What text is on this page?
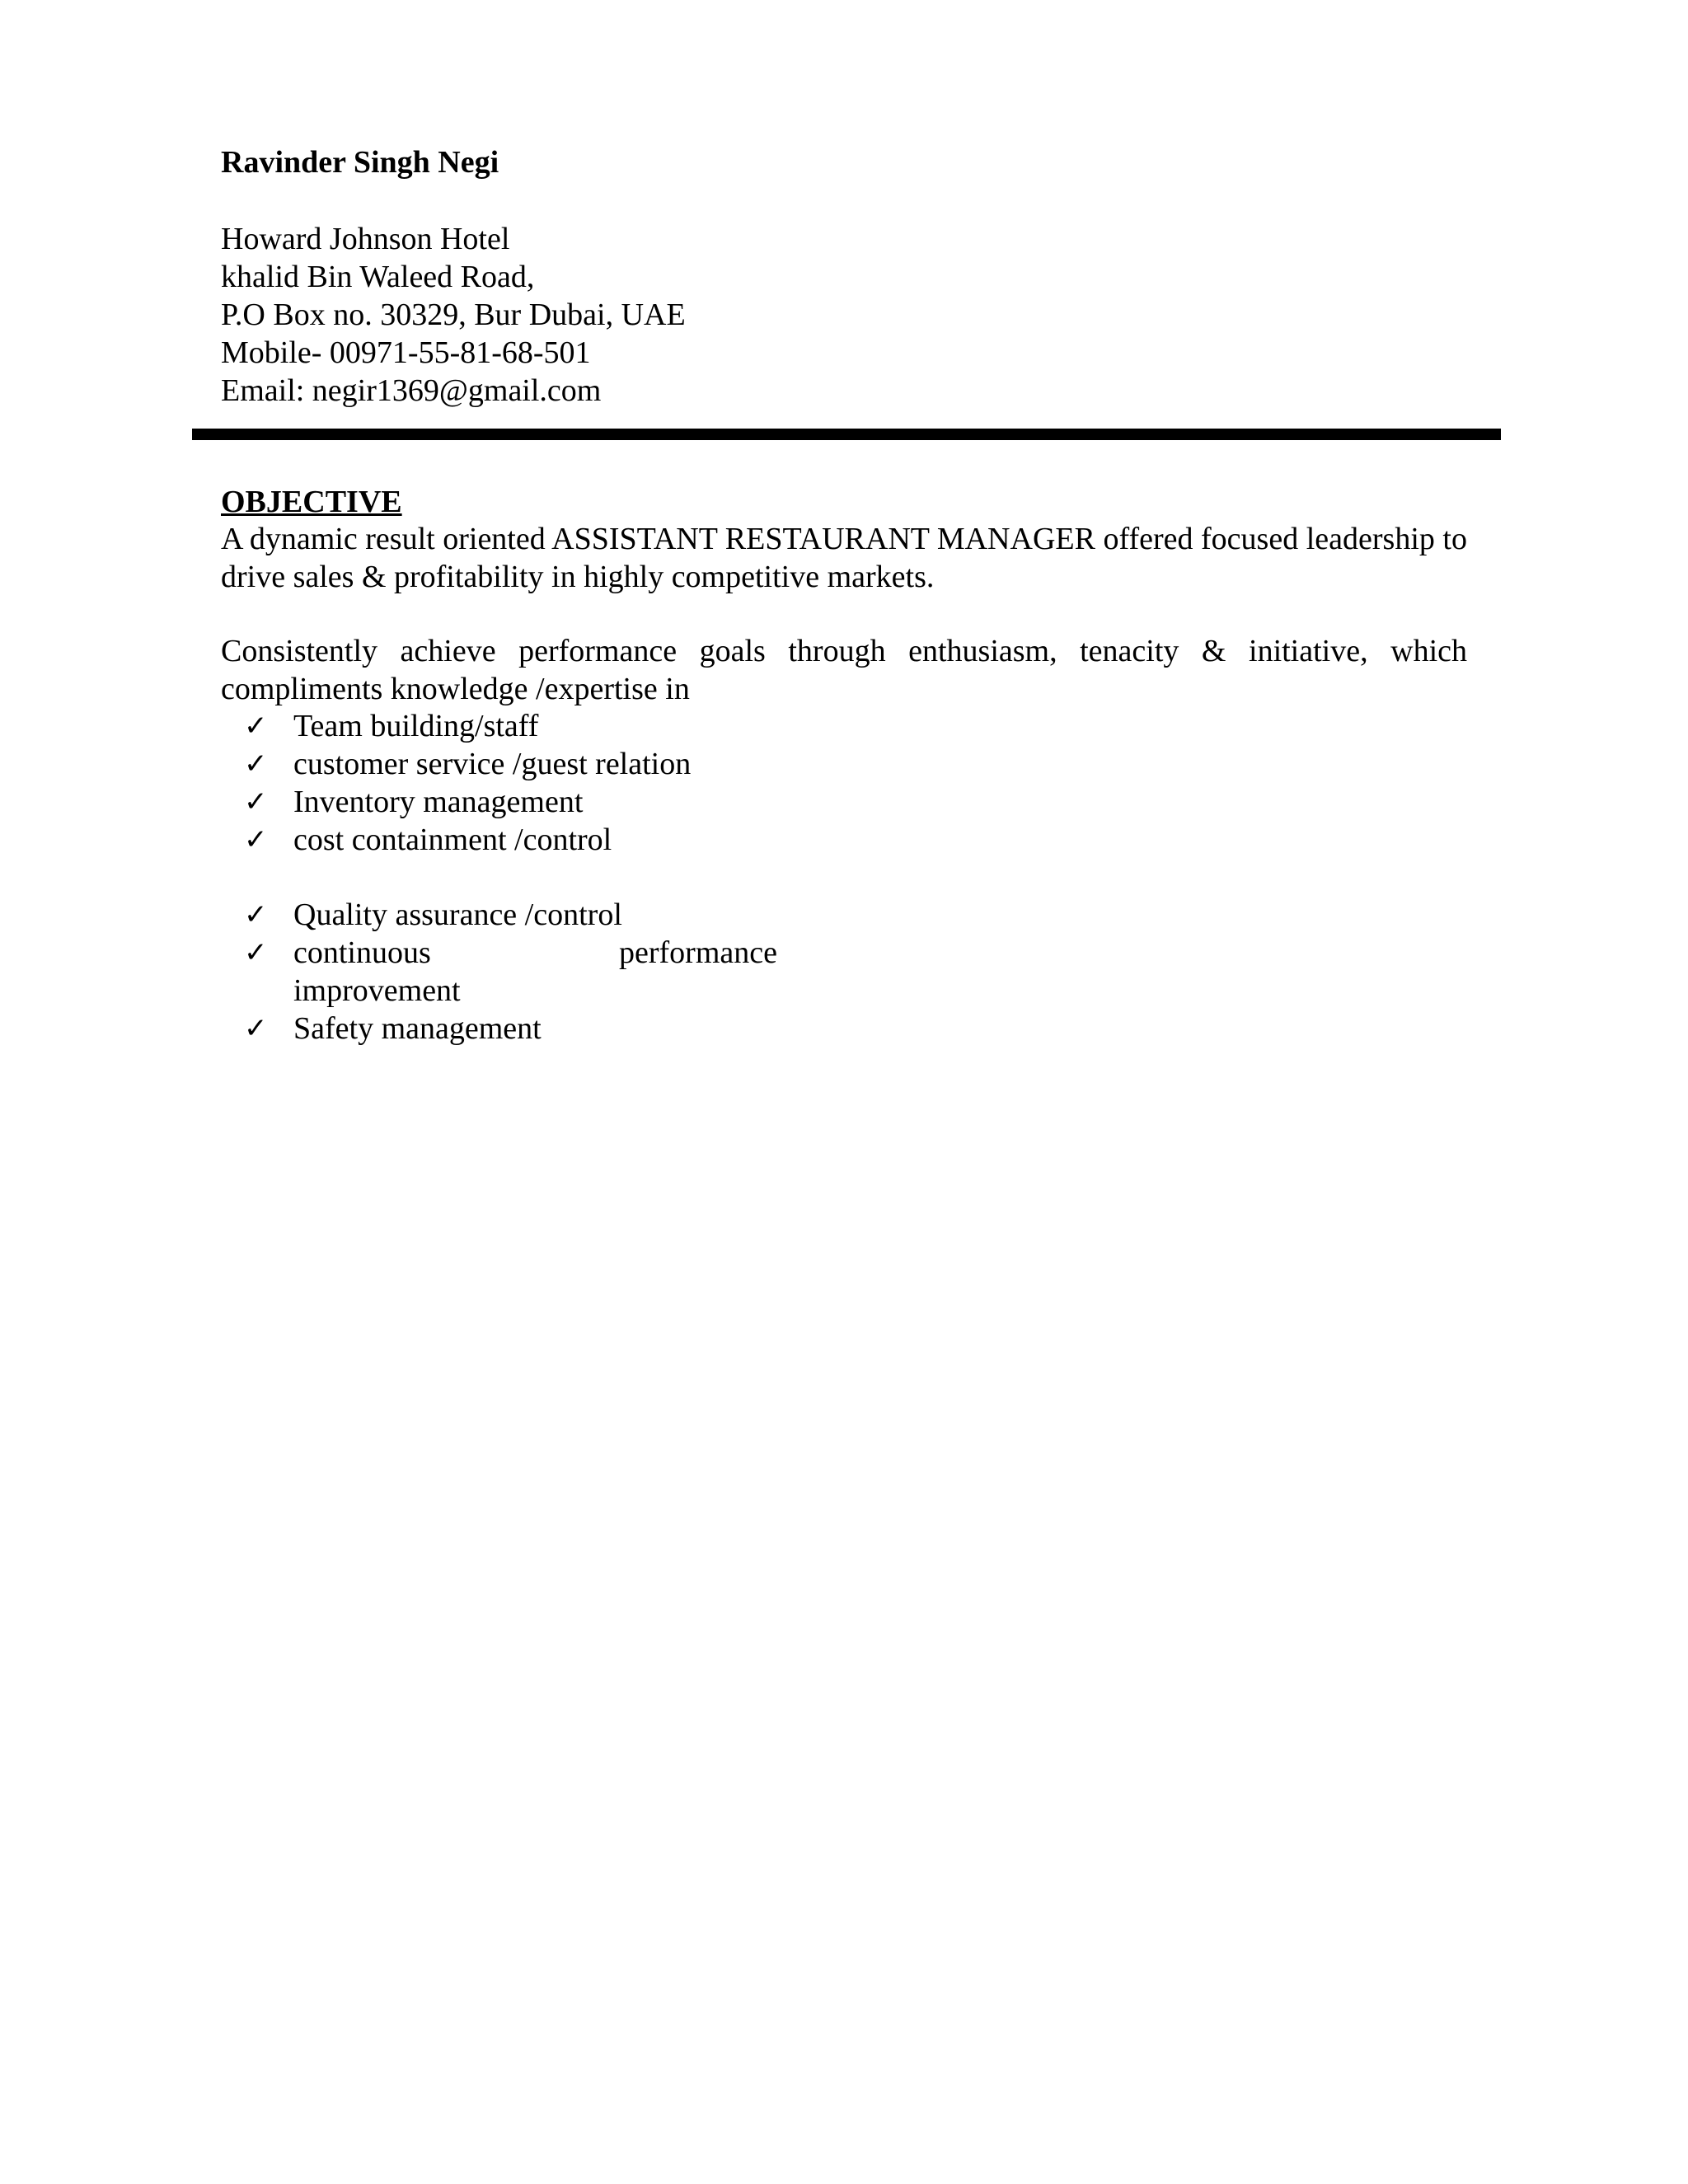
Ravinder Singh Negi
Howard Johnson Hotel
khalid Bin Waleed Road,
P.O Box no. 30329, Bur Dubai, UAE
Mobile- 00971-55-81-68-501
Email: negir1369@gmail.com
OBJECTIVE

A dynamic result oriented ASSISTANT RESTAURANT MANAGER offered focused leadership to drive sales & profitability in highly competitive markets.

Consistently achieve performance goals through enthusiasm, tenacity & initiative, which compliments knowledge /expertise in

✓ Team building/staff
✓ customer service /guest relation
✓ Inventory management
✓ cost containment /control
✓ Quality assurance /control
✓ continuous	performance
improvement
✓ Safety management
